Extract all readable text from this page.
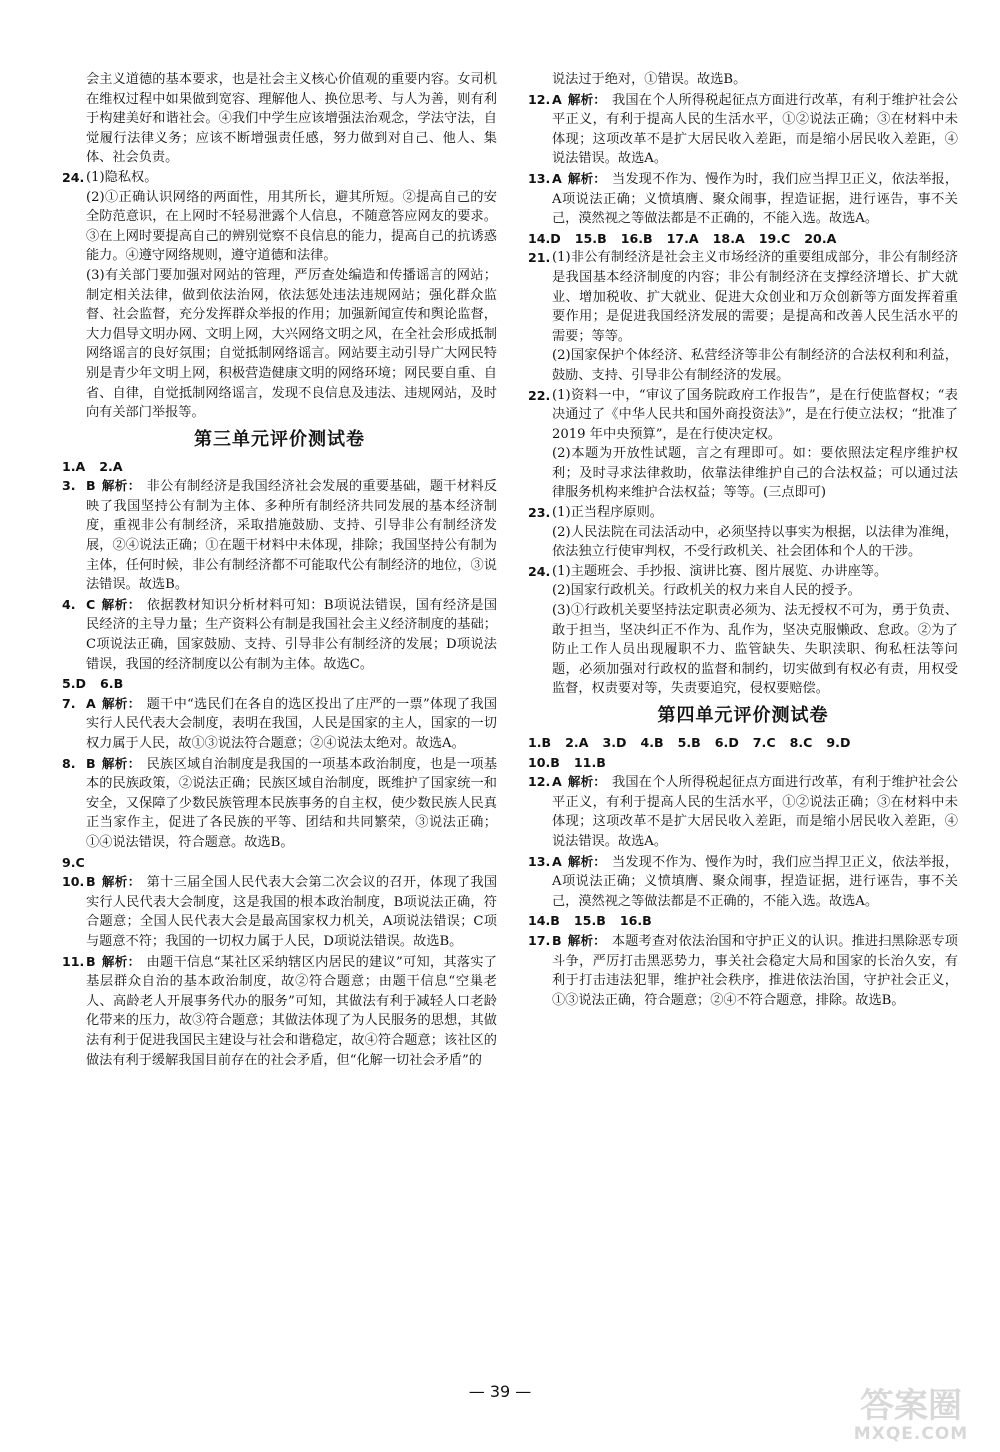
会主义道德的基本要求，也是社会主义核心价值观的重要内容。女司机在维权过程中如果做到宽容、理解他人、换位思考、与人为善，则有利于构建美好和谐社会。④我们中学生应该增强法治观念，学法守法，自觉履行法律义务；应该不断增强责任感，努力做到对自己、他人、集体、社会负责。
24. (1)隐私权。
(2)①正确认识网络的两面性，用其所长，避其所短。②提高自己的安全防范意识，在上网时不轻易泄露个人信息，不随意答应网友的要求。③在上网时要提高自己的辨别觉察不良信息的能力，提高自己的抗诱惑能力。④遵守网络规则，遵守道德和法律。
(3)有关部门要加强对网站的管理，严厉查处编造和传播谣言的网站；制定相关法律，做到依法治网，依法惩处违法违规网站；强化群众监督、社会监督，充分发挥群众举报的作用；加强新闻宣传和舆论监督，大力倡导文明办网、文明上网，大兴网络文明之风，在全社会形成抵制网络谣言的良好氛围；自觉抵制网络谣言。网站要主动引导广大网民特别是青少年文明上网，积极营造健康文明的网络环境；网民要自重、自省、自律，自觉抵制网络谣言，发现不良信息及违法、违规网站，及时向有关部门举报等。
第三单元评价测试卷
1.A 2.A
3. B 解析： 非公有制经济是我国经济社会发展的重要基础，题干材料反映了我国坚持公有制为主体、多种所有制经济共同发展的基本经济制度，重视非公有制经济，采取措施鼓励、支持、引导非公有制经济发展，②④说法正确；①在题干材料中未体现，排除；我国坚持公有制为主体，任何时候，非公有制经济都不可能取代公有制经济的地位，③说法错误。故选B。
4. C 解析： 依据教材知识分析材料可知：B项说法错误，国有经济是国民经济的主导力量；生产资料公有制是我国社会主义经济制度的基础；C项说法正确，国家鼓励、支持、引导非公有制经济的发展；D项说法错误，我国的经济制度以公有制为主体。故选C。
5.D 6.B
7. A 解析： 题干中“选民们在各自的选区投出了庄严的一票”体现了我国实行人民代表大会制度，表明在我国，人民是国家的主人，国家的一切权力属于人民，故①③说法符合题意；②④说法太绝对。故选A。
8. B 解析： 民族区域自治制度是我国的一项基本政治制度，也是一项基本的民族政策，②说法正确；民族区域自治制度，既维护了国家统一和安全，又保障了少数民族管理本民族事务的自主权，使少数民族人民真正当家作主，促进了各民族的平等、团结和共同繁荣，③说法正确；①④说法错误，符合题意。故选B。
9.C
10. B 解析： 第十三届全国人民代表大会第二次会议的召开，体现了我国实行人民代表大会制度，这是我国的根本政治制度，B项说法正确，符合题意；全国人民代表大会是最高国家权力机关，A项说法错误；C项与题意不符；我国的一切权力属于人民，D项说法错误。故选B。
11. B 解析： 由题干信息“某社区采纳辖区内居民的建议”可知，其落实了基层群众自治的基本政治制度，故②符合题意；由题干信息“空巢老人、高龄老人开展事务代办的服务”可知，其做法有利于减轻人口老龄化带来的压力，故③符合题意；其做法体现了为人民服务的思想，其做法有利于促进我国民主建设与社会和谐稳定，故④符合题意；该社区的做法有利于缓解我国目前存在的社会矛盾，但“化解一切社会矛盾”的
说法过于绝对，①错误。故选B。
12. A 解析： 我国在个人所得税起征点方面进行改革，有利于维护社会公平正义，有利于提高人民的生活水平，①②说法正确；③在材料中未体现；这项改革不是扩大居民收入差距，而是缩小居民收入差距，④说法错误。故选A。
13. A 解析： 当发现不作为、慢作为时，我们应当捍卫正义，依法举报，A项说法正确；义愤填膺、聚众闹事，捏造证据，进行诬告，事不关己，漠然视之等做法都是不正确的，不能入选。故选A。
14.D 15.B 16.B 17.A 18.A 19.C 20.A
21. (1)非公有制经济是社会主义市场经济的重要组成部分，非公有制经济是我国基本经济制度的内容；非公有制经济在支撑经济增长、扩大就业、增加税收、扩大就业、促进大众创业和万众创新等方面发挥着重要作用；是促进我国经济发展的需要；是提高和改善人民生活水平的需要；等等。
(2)国家保护个体经济、私营经济等非公有制经济的合法权利和利益，鼓励、支持、引导非公有制经济的发展。
22. (1)资料一中，“审议了国务院政府工作报告”，是在行使监督权；“表决通过了《中华人民共和国外商投资法》”，是在行使立法权；“批准了 2019 年中央预算”，是在行使决定权。
(2)本题为开放性试题，言之有理即可。如：要依照法定程序维护权利；及时寻求法律救助，依靠法律维护自己的合法权益；可以通过法律服务机构来维护合法权益；等等。(三点即可)
23. (1)正当程序原则。
(2)人民法院在司法活动中，必须坚持以事实为根据，以法律为准绳，依法独立行使审判权，不受行政机关、社会团体和个人的干涉。
24. (1)主题班会、手抄报、演讲比赛、图片展览、办讲座等。
(2)国家行政机关。行政机关的权力来自人民的授予。
(3)①行政机关要坚持法定职责必须为、法无授权不可为，勇于负责、敢于担当，坚决纠正不作为、乱作为，坚决克服懒政、怠政。②为了防止工作人员出现履职不力、监管缺失、失职渎职、徇私枉法等问题，必须加强对行政权的监督和制约，切实做到有权必有责，用权受监督，权责要对等，失责要追究，侵权要赔偿。
第四单元评价测试卷
1.B 2.A 3.D 4.B 5.B 6.D 7.C 8.C 9.D
10.B 11.B
12. A 解析： 我国在个人所得税起征点方面进行改革，有利于维护社会公平正义，有利于提高人民的生活水平，①②说法正确；③在材料中未体现；这项改革不是扩大居民收入差距，而是缩小居民收入差距，④说法错误。故选A。
13. A 解析： 当发现不作为、慢作为时，我们应当捍卫正义，依法举报，A项说法正确；义愤填膺、聚众闹事，捏造证据，进行诬告，事不关己，漠然视之等做法都是不正确的，不能入选。故选A。
14.B 15.B 16.B
17. B 解析： 本题考查对依法治国和守护正义的认识。推进扫黑除恶专项斗争，严厉打击黑恶势力，事关社会稳定大局和国家的长治久安，有利于打击违法犯罪，维护社会秩序，推进依法治国，守护社会正义，①③说法正确，符合题意；②④不符合题意，排除。故选B。
— 39 —	答案圈
MXQE.COM
